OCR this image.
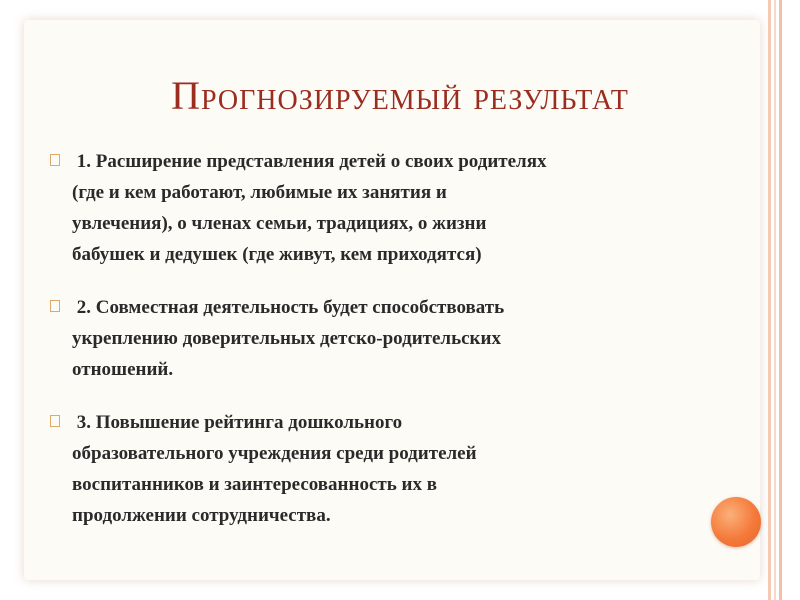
Прогнозируемый результат
1. Расширение представления детей о своих родителях
(где и кем работают, любимые их занятия и
увлечения), о членах семьи, традициях, о жизни
бабушек и дедушек (где живут, кем приходятся)
2. Совместная деятельность будет способствовать
укреплению доверительных детско-родительских
отношений.
3. Повышение рейтинга дошкольного
образовательного учреждения среди родителей
воспитанников и заинтересованность их в
продолжении сотрудничества.
